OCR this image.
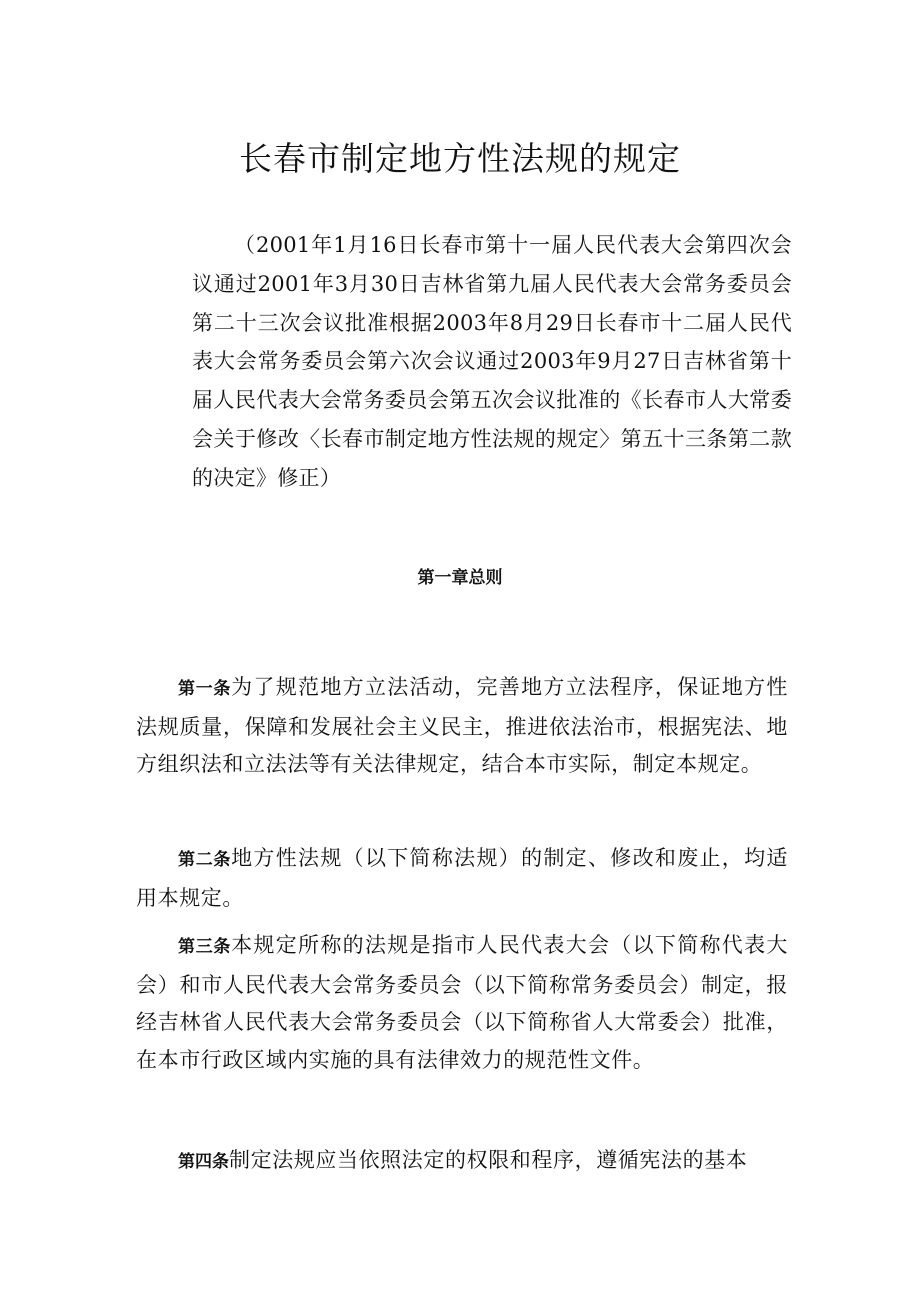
长春市制定地方性法规的规定

（2001年1月16日长春市第十一届人民代表大会第四次会议通过2001年3月30日吉林省第九届人民代表大会常务委员会第二十三次会议批准根据2003年8月29日长春市十二届人民代表大会常务委员会第六次会议通过2003年9月27日吉林省第十届人民代表大会常务委员会第五次会议批准的《长春市人大常委会关于修改〈长春市制定地方性法规的规定〉第五十三条第二款的决定》修正）

第一章总则

第一条为了规范地方立法活动，完善地方立法程序，保证地方性法规质量，保障和发展社会主义民主，推进依法治市，根据宪法、地方组织法和立法法等有关法律规定，结合本市实际，制定本规定。

第二条地方性法规（以下简称法规）的制定、修改和废止，均适用本规定。

第三条本规定所称的法规是指市人民代表大会（以下简称代表大会）和市人民代表大会常务委员会（以下简称常务委员会）制定，报经吉林省人民代表大会常务委员会（以下简称省人大常委会）批准，在本市行政区域内实施的具有法律效力的规范性文件。

第四条制定法规应当依照法定的权限和程序，遵循宪法的基本
